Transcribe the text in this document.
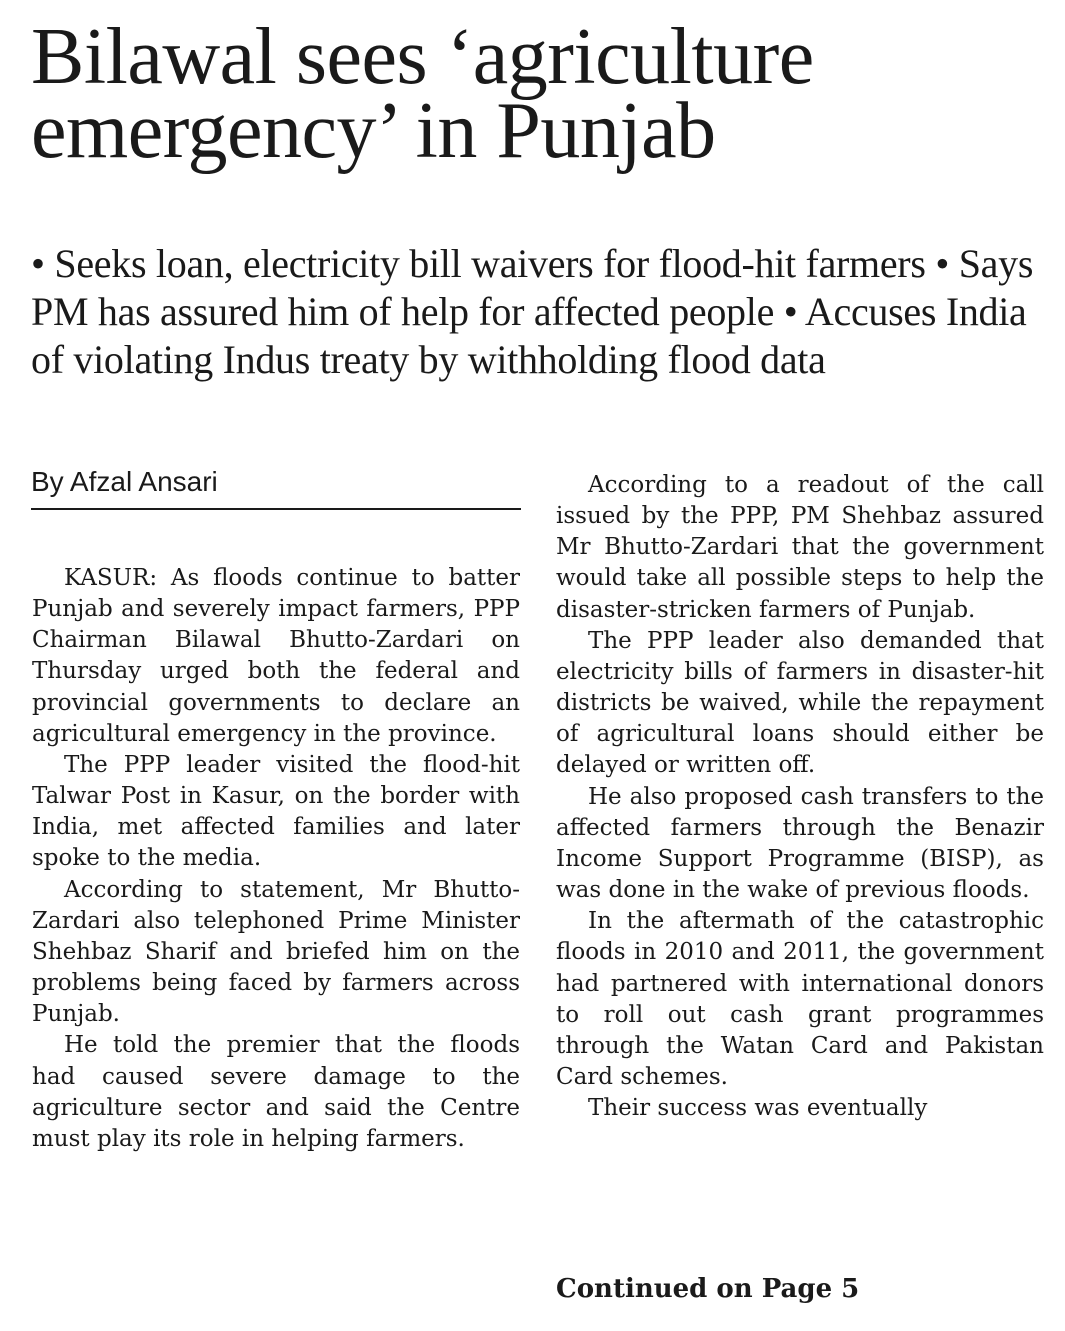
Bilawal sees ‘agriculture emergency’ in Punjab
• Seeks loan, electricity bill waivers for flood-hit farmers • Says PM has assured him of help for affected people • Accuses India of violating Indus treaty by withholding flood data
By Afzal Ansari

KASUR: As floods continue to batter Punjab and severely impact farmers, PPP Chairman Bilawal Bhutto-Zardari on Thursday urged both the federal and provincial governments to declare an agricultural emergency in the province.

The PPP leader visited the flood-hit Talwar Post in Kasur, on the border with India, met affected families and later spoke to the media.

According to statement, Mr Bhutto-Zardari also telephoned Prime Minister Shehbaz Sharif and briefed him on the problems being faced by farmers across Punjab.

He told the premier that the floods had caused severe damage to the agriculture sector and said the Centre must play its role in helping farmers.

According to a readout of the call issued by the PPP, PM Shehbaz assured Mr Bhutto-Zardari that the government would take all possible steps to help the disaster-stricken farmers of Punjab.

The PPP leader also demanded that electricity bills of farmers in disaster-hit districts be waived, while the repayment of agricultural loans should either be delayed or written off.

He also proposed cash transfers to the affected farmers through the Benazir Income Support Programme (BISP), as was done in the wake of previous floods.

In the aftermath of the catastrophic floods in 2010 and 2011, the government had partnered with international donors to roll out cash grant programmes through the Watan Card and Pakistan Card schemes.

Their success was eventually

Continued on Page 5
